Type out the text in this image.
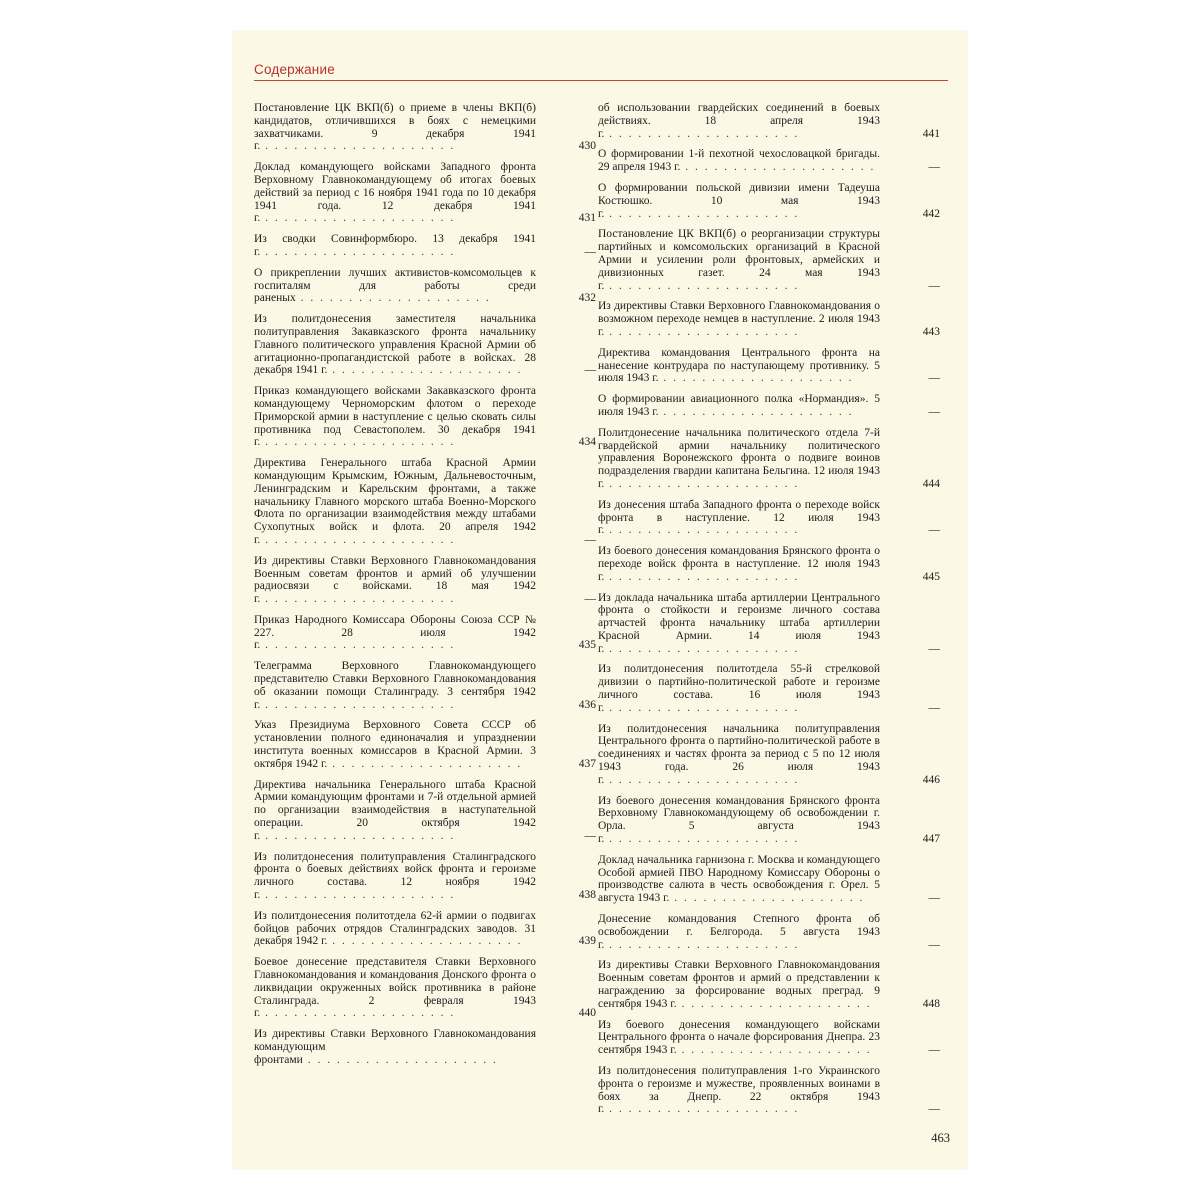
Содержание
Постановление ЦК ВКП(б) о приеме в члены ВКП(б) кандидатов, отличившихся в боях с немецкими захватчиками. 9 декабря 1941 г. . . .	430
Доклад командующего войсками Западного фронта Верховному Главнокомандующему об итогах боевых действий за период с 16 ноября 1941 года по 10 декабря 1941 года. 12 декабря 1941 г. . . .	431
Из сводки Совинформбюро. 13 декабря 1941 г. . . .	—
О прикреплении лучших активистов-комсомольцев к госпиталям для работы среди раненых . . .	432
Из политдонесения заместителя начальника политуправления Закавказского фронта начальнику Главного политического управления Красной Армии об агитационно-пропагандистской работе в войсках. 28 декабря 1941 г. . . .	—
Приказ командующего войсками Закавказского фронта командующему Черноморским флотом о переходе Приморской армии в наступление с целью сковать силы противника под Севастополем. 30 декабря 1941 г. . . .	434
Директива Генерального штаба Красной Армии командующим Крымским, Южным, Дальневосточным, Ленинградским и Карельским фронтами, а также начальнику Главного морского штаба Военно-Морского Флота по организации взаимодействия между штабами Сухопутных войск и флота. 20 апреля 1942 г. . . .	—
Из директивы Ставки Верховного Главнокомандования Военным советам фронтов и армий об улучшении радиосвязи с войсками. 18 мая 1942 г. . . .	—
Приказ Народного Комиссара Обороны Союза ССР № 227. 28 июля 1942 г. . . .	435
Телеграмма Верховного Главнокомандующего представителю Ставки Верховного Главнокомандования об оказании помощи Сталинграду. 3 сентября 1942 г. . . .	436
Указ Президиума Верховного Совета СССР об установлении полного единоначалия и упразднении института военных комиссаров в Красной Армии. 3 октября 1942 г. . . .	437
Директива начальника Генерального штаба Красной Армии командующим фронтами и 7-й отдельной армией по организации взаимодействия в наступательной операции. 20 октября 1942 г. . . .	—
Из политдонесения политуправления Сталинградского фронта о боевых действиях войск фронта и героизме личного состава. 12 ноября 1942 г. . . .	438
Из политдонесения политотдела 62-й армии о подвигах бойцов рабочих отрядов Сталинградских заводов. 31 декабря 1942 г. . . .	439
Боевое донесение представителя Ставки Верховного Главнокомандования и командования Донского фронта о ликвидации окруженных войск противника в районе Сталинграда. 2 февраля 1943 г. . . .	440
Из директивы Ставки Верховного Главнокомандования командующим фронтами . . .
об использовании гвардейских соединений в боевых действиях. 18 апреля 1943 г. . . .	441
О формировании 1-й пехотной чехословацкой бригады. 29 апреля 1943 г. . . .	—
О формировании польской дивизии имени Тадеуша Костюшко. 10 мая 1943 г. . . .	442
Постановление ЦК ВКП(б) о реорганизации структуры партийных и комсомольских организаций в Красной Армии и усилении роли фронтовых, армейских и дивизионных газет. 24 мая 1943 г. . . .	—
Из директивы Ставки Верховного Главнокомандования о возможном переходе немцев в наступление. 2 июля 1943 г. . . .	443
Директива командования Центрального фронта на нанесение контрудара по наступающему противнику. 5 июля 1943 г. . . .	—
О формировании авиационного полка «Нормандия». 5 июля 1943 г. . . .	—
Политдонесение начальника политического отдела 7-й гвардейской армии начальнику политического управления Воронежского фронта о подвиге воинов подразделения гвардии капитана Бельгина. 12 июля 1943 г. . . .	444
Из донесения штаба Западного фронта о переходе войск фронта в наступление. 12 июля 1943 г. . . .	—
Из боевого донесения командования Брянского фронта о переходе войск фронта в наступление. 12 июля 1943 г. . . .	445
Из доклада начальника штаба артиллерии Центрального фронта о стойкости и героизме личного состава артчастей фронта начальнику штаба артиллерии Красной Армии. 14 июля 1943 г. . . .	—
Из политдонесения политотдела 55-й стрелковой дивизии о партийно-политической работе и героизме личного состава. 16 июля 1943 г. . . .	—
Из политдонесения начальника политуправления Центрального фронта о партийно-политической работе в соединениях и частях фронта за период с 5 по 12 июля 1943 года. 26 июля 1943 г. . . .	446
Из боевого донесения командования Брянского фронта Верховному Главнокомандующему об освобождении г. Орла. 5 августа 1943 г. . . .	447
Доклад начальника гарнизона г. Москва и командующего Особой армией ПВО Народному Комиссару Обороны о производстве салюта в честь освобождения г. Орел. 5 августа 1943 г. . . .	—
Донесение командования Степного фронта об освобождении г. Белгорода. 5 августа 1943 г. . . .	—
Из директивы Ставки Верховного Главнокомандования Военным советам фронтов и армий о представлении к награждению за форсирование водных преград. 9 сентября 1943 г. . . .	448
Из боевого донесения командующего войсками Центрального фронта о начале форсирования Днепра. 23 сентября 1943 г. . . .	—
Из политдонесения политуправления 1-го Украинского фронта о героизме и мужестве, проявленных воинами в боях за Днепр. 22 октября 1943 г. . . .	—
463
